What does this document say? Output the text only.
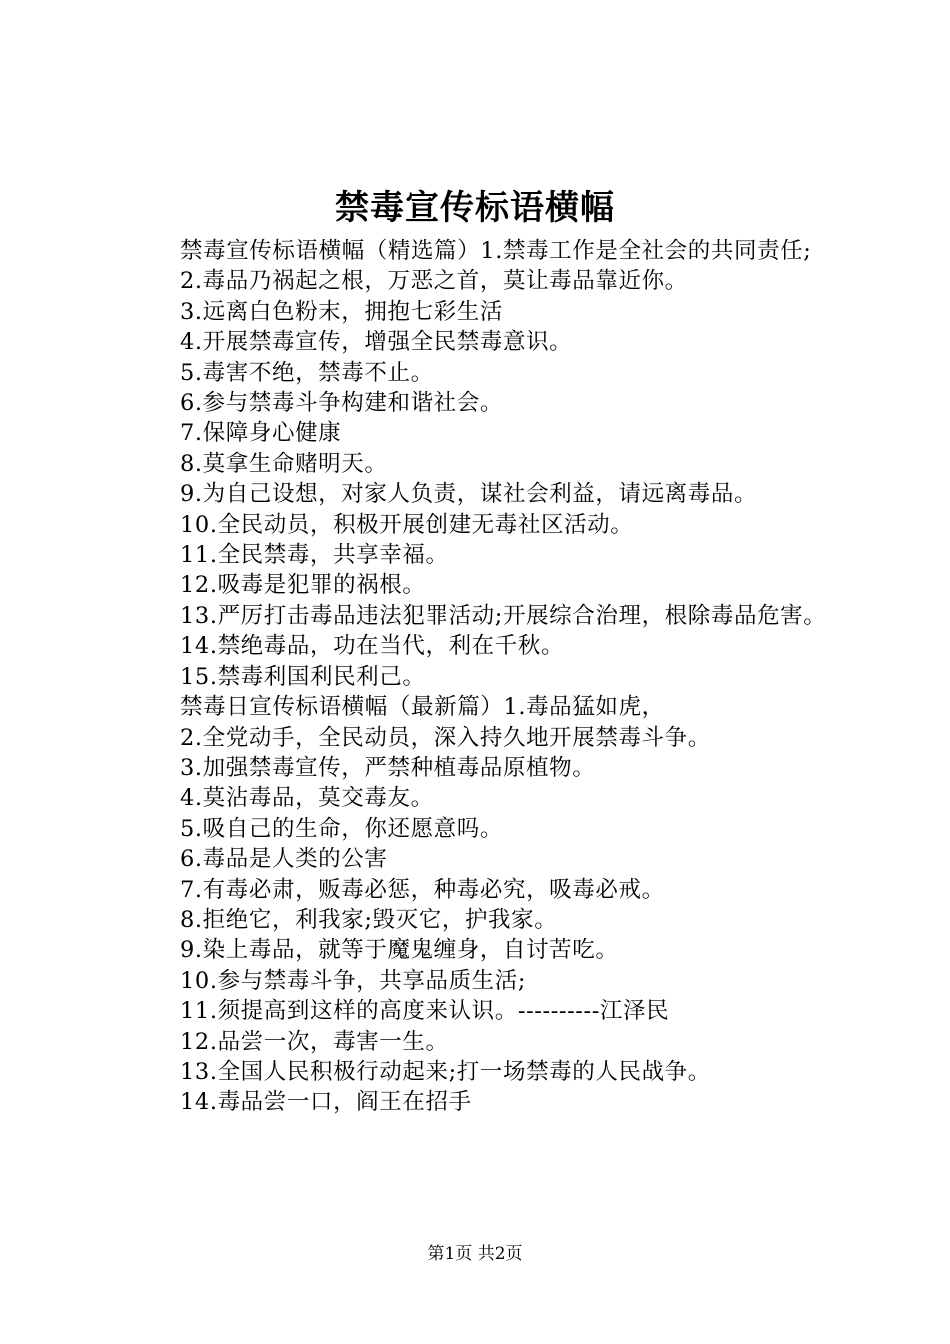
禁毒宣传标语横幅

禁毒宣传标语横幅（精选篇）1.禁毒工作是全社会的共同责任;

2.毒品乃祸起之根，万恶之首，莫让毒品靠近你。

3.远离白色粉末，拥抱七彩生活

4.开展禁毒宣传，增强全民禁毒意识。

5.毒害不绝，禁毒不止。

6.参与禁毒斗争构建和谐社会。

7.保障身心健康

8.莫拿生命赌明天。

9.为自己设想，对家人负责，谋社会利益，请远离毒品。

10.全民动员，积极开展创建无毒社区活动。

11.全民禁毒，共享幸福。

12.吸毒是犯罪的祸根。

13.严厉打击毒品违法犯罪活动;开展综合治理，根除毒品危害。

14.禁绝毒品，功在当代，利在千秋。

15.禁毒利国利民利己。

禁毒日宣传标语横幅（最新篇）1.毒品猛如虎，

2.全党动手，全民动员，深入持久地开展禁毒斗争。

3.加强禁毒宣传，严禁种植毒品原植物。

4.莫沾毒品，莫交毒友。

5.吸自己的生命，你还愿意吗。

6.毒品是人类的公害

7.有毒必肃，贩毒必惩，种毒必究，吸毒必戒。

8.拒绝它，利我家;毁灭它，护我家。

9.染上毒品，就等于魔鬼缠身，自讨苦吃。

10.参与禁毒斗争，共享品质生活;

11.须提高到这样的高度来认识。----------江泽民

12.品尝一次，毒害一生。

13.全国人民积极行动起来;打一场禁毒的人民战争。

14.毒品尝一口，阎王在招手

第1页 共2页
